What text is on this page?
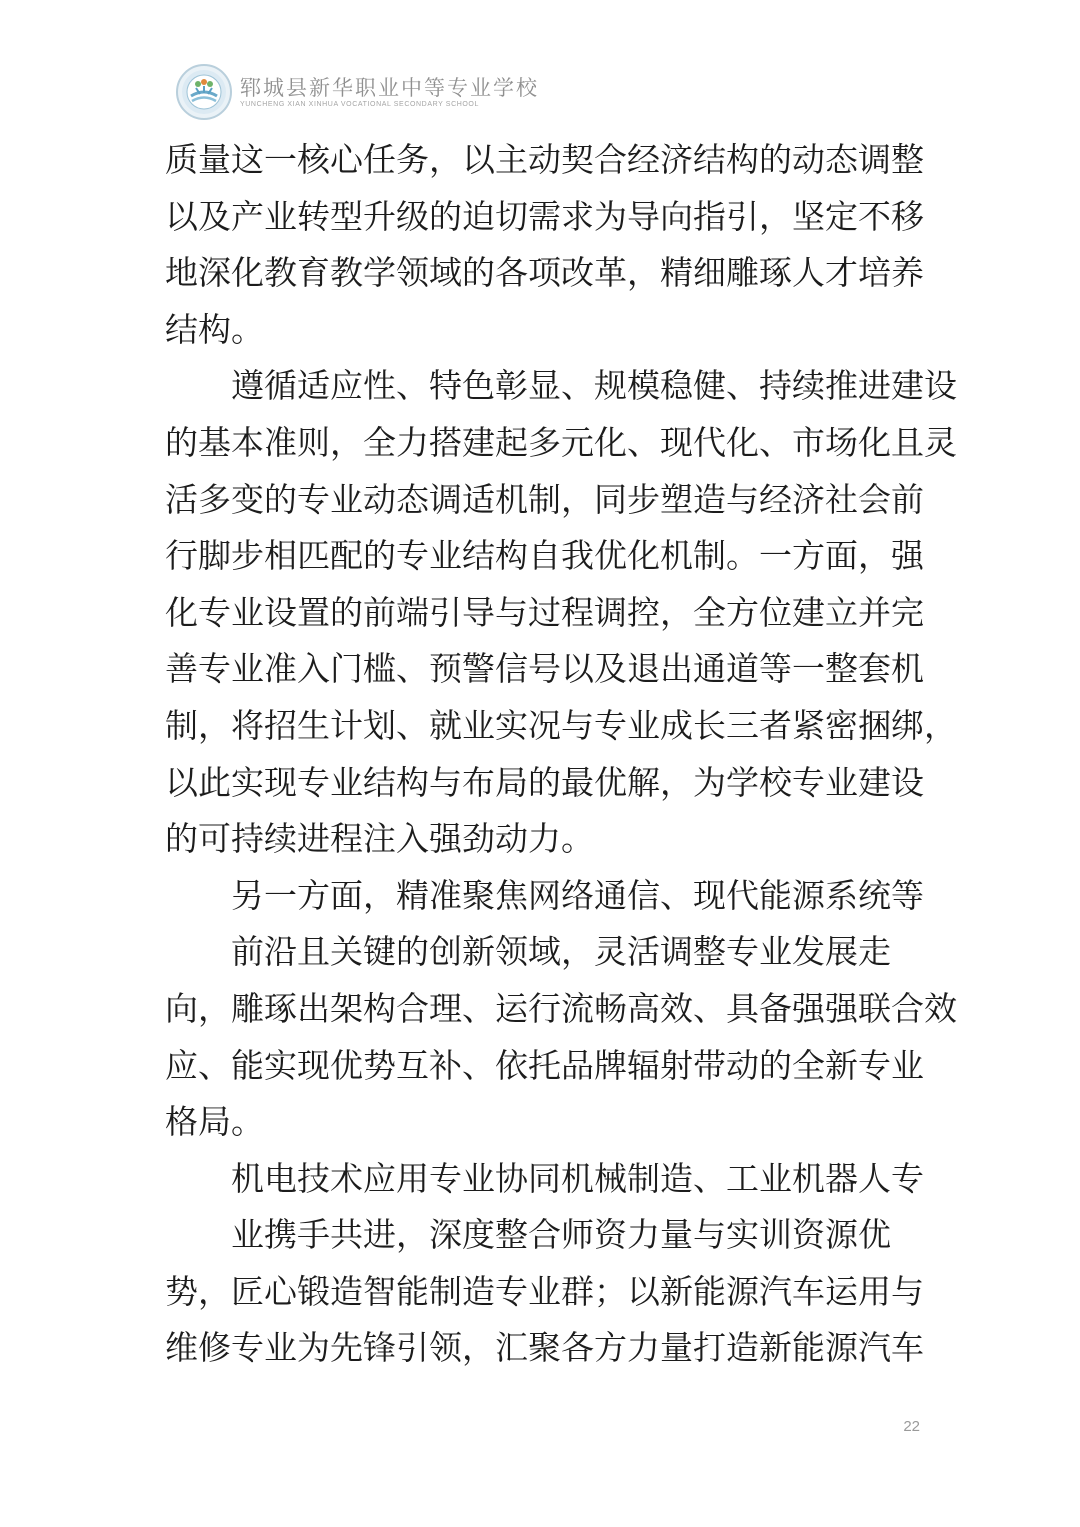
郓城县新华职业中等专业学校
YUNCHENG XIAN XINHUA VOCATIONAL SECONDARY SCHOOL

质量这一核心任务，以主动契合经济结构的动态调整

以及产业转型升级的迫切需求为导向指引，坚定不移

地深化教育教学领域的各项改革，精细雕琢人才培养

结构。

　　遵循适应性、特色彰显、规模稳健、持续推进建设

的基本准则，全力搭建起多元化、现代化、市场化且灵

活多变的专业动态调适机制，同步塑造与经济社会前

行脚步相匹配的专业结构自我优化机制。一方面，强

化专业设置的前端引导与过程调控，全方位建立并完

善专业准入门槛、预警信号以及退出通道等一整套机

制，将招生计划、就业实况与专业成长三者紧密捆绑，

以此实现专业结构与布局的最优解，为学校专业建设

的可持续进程注入强劲动力。

　　另一方面，精准聚焦网络通信、现代能源系统等

　　前沿且关键的创新领域，灵活调整专业发展走

向，雕琢出架构合理、运行流畅高效、具备强强联合效

应、能实现优势互补、依托品牌辐射带动的全新专业

格局。

　　机电技术应用专业协同机械制造、工业机器人专

　　业携手共进，深度整合师资力量与实训资源优

势，匠心锻造智能制造专业群；以新能源汽车运用与

维修专业为先锋引领，汇聚各方力量打造新能源汽车

22
